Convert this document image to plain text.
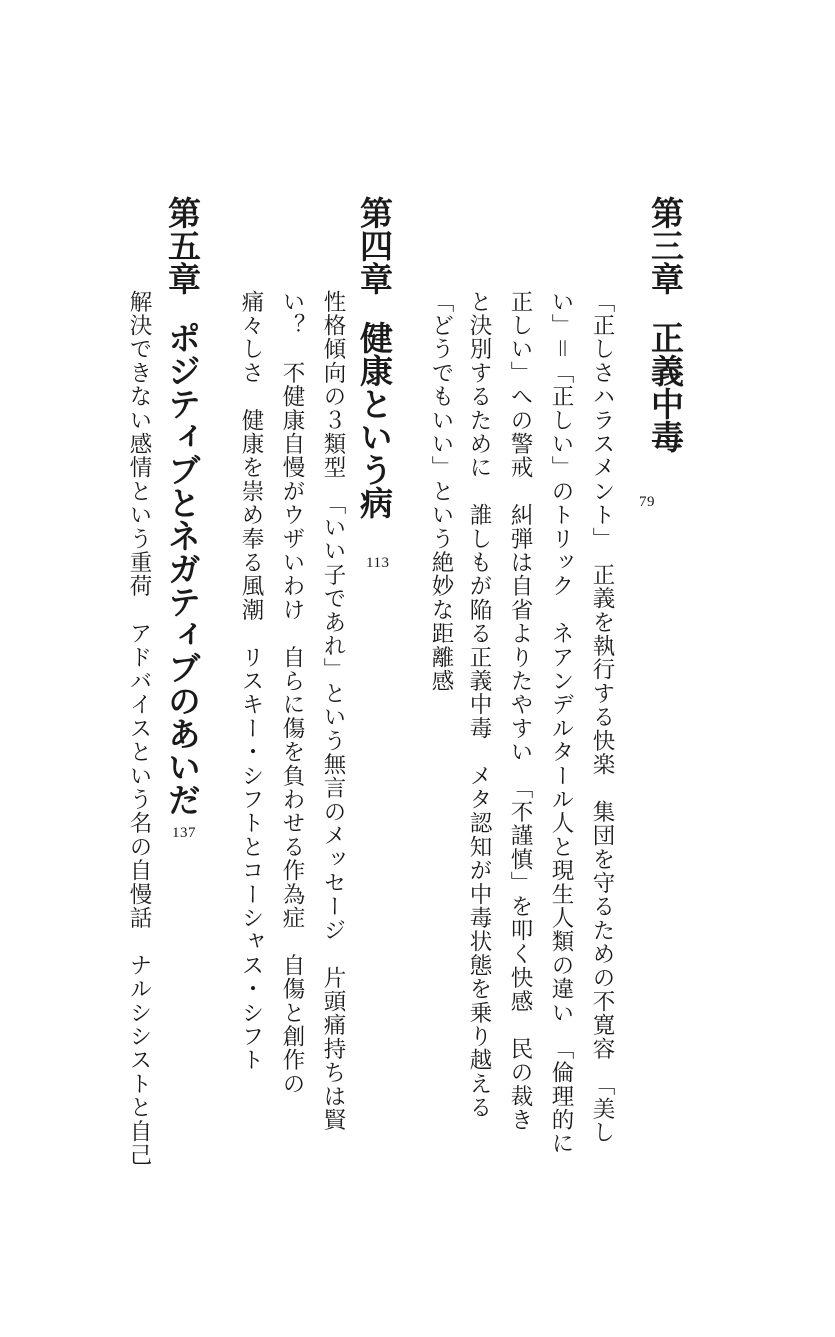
第三章正義中毒
79
「正しさハラスメント」　正義を執行する快楽　集団を守るための不寛容　「美し
い」＝「正しい」のトリック　ネアンデルタール人と現生人類の違い　「倫理的に
正しい」への警戒　糾弾は自省よりたやすい　「不謹慎」を叩く快感　民の裁き
と決別するために　誰しもが陥る正義中毒　メタ認知が中毒状態を乗り越える
「どうでもいい」という絶妙な距離感
第四章健康という病
113
性格傾向の３類型　「いい子であれ」という無言のメッセージ　片頭痛持ちは賢
い？　不健康自慢がウザいわけ　自らに傷を負わせる作為症　自傷と創作の
痛々しさ　健康を崇め奉る風潮　リスキー・シフトとコーシャス・シフト
第五章ポジティブとネガティブのあいだ
137
解決できない感情という重荷　アドバイスという名の自慢話　ナルシシストと自己
